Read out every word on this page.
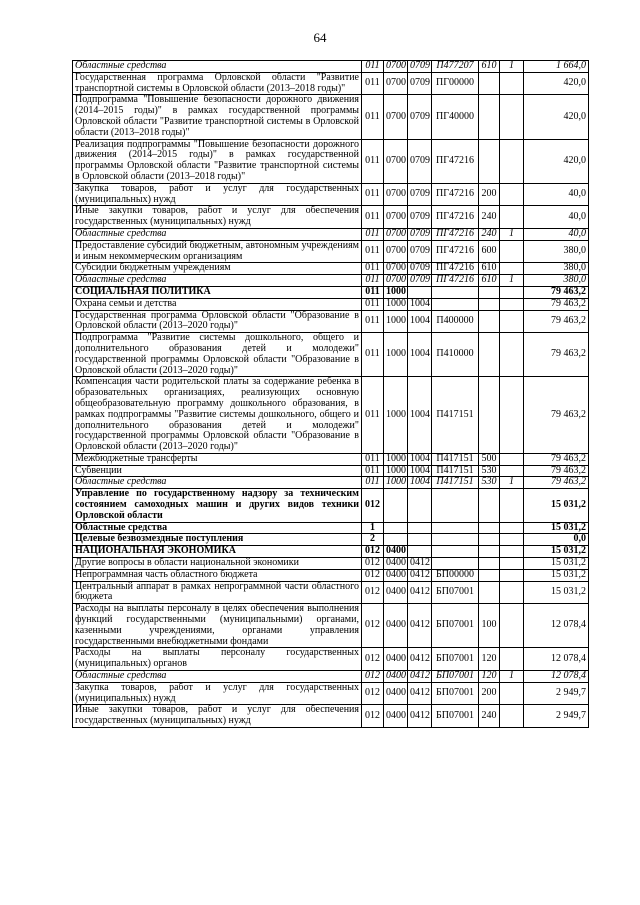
64
Областные средства	011	0700	0709	П477207	610	1	1 664,0
Государственная программа Орловской области "Развитие транспортной системы в Орловской области (2013–2018 годы)"	011	0700	0709	ПГ00000			420,0
Подпрограмма "Повышение безопасности дорожного движения (2014–2015 годы)" в рамках государственной программы Орловской области "Развитие транспортной системы в Орловской области (2013–2018 годы)"	011	0700	0709	ПГ40000			420,0
Реализация подпрограммы "Повышение безопасности дорожного движения (2014–2015 годы)" в рамках государственной программы Орловской области "Развитие транспортной системы в Орловской области (2013–2018 годы)"	011	0700	0709	ПГ47216			420,0
Закупка товаров, работ и услуг для государственных (муниципальных) нужд	011	0700	0709	ПГ47216	200		40,0
Иные закупки товаров, работ и услуг для обеспечения государственных (муниципальных) нужд	011	0700	0709	ПГ47216	240		40,0
Областные средства	011	0700	0709	ПГ47216	240	1	40,0
Предоставление субсидий бюджетным, автономным учреждениям и иным некоммерческим организациям	011	0700	0709	ПГ47216	600		380,0
Субсидии бюджетным учреждениям	011	0700	0709	ПГ47216	610		380,0
Областные средства	011	0700	0709	ПГ47216	610	1	380,0
СОЦИАЛЬНАЯ ПОЛИТИКА	011	1000					79 463,2
Охрана семьи и детства	011	1000	1004				79 463,2
Государственная программа Орловской области "Образование в Орловской области (2013–2020 годы)"	011	1000	1004	П400000			79 463,2
Подпрограмма "Развитие системы дошкольного, общего и дополнительного образования детей и молодежи" государственной программы Орловской области "Образование в Орловской области (2013–2020 годы)"	011	1000	1004	П410000			79 463,2
Компенсация части родительской платы за содержание ребенка в образовательных организациях, реализующих основную общеобразовательную программу дошкольного образования, в рамках подпрограммы "Развитие системы дошкольного, общего и дополнительного образования детей и молодежи" государственной программы Орловской области "Образование в Орловской области (2013–2020 годы)"	011	1000	1004	П417151			79 463,2
Межбюджетные трансферты	011	1000	1004	П417151	500		79 463,2
Субвенции	011	1000	1004	П417151	530		79 463,2
Областные средства	011	1000	1004	П417151	530	1	79 463,2
Управление по государственному надзору за техническим состоянием самоходных машин и других видов техники Орловской области	012						15 031,2
Областные средства	1						15 031,2
Целевые безвозмездные поступления	2						0,0
НАЦИОНАЛЬНАЯ ЭКОНОМИКА	012	0400					15 031,2
Другие вопросы в области национальной экономики	012	0400	0412				15 031,2
Непрограммная часть областного бюджета	012	0400	0412	БП00000			15 031,2
Центральный аппарат в рамках непрограммной части областного бюджета	012	0400	0412	БП07001			15 031,2
Расходы на выплаты персоналу в целях обеспечения выполнения функций государственными (муниципальными) органами, казенными учреждениями, органами управления государственными внебюджетными фондами	012	0400	0412	БП07001	100		12 078,4
Расходы на выплаты персоналу государственных (муниципальных) органов	012	0400	0412	БП07001	120		12 078,4
Областные средства	012	0400	0412	БП07001	120	1	12 078,4
Закупка товаров, работ и услуг для государственных (муниципальных) нужд	012	0400	0412	БП07001	200		2 949,7
Иные закупки товаров, работ и услуг для обеспечения государственных (муниципальных) нужд	012	0400	0412	БП07001	240		2 949,7
